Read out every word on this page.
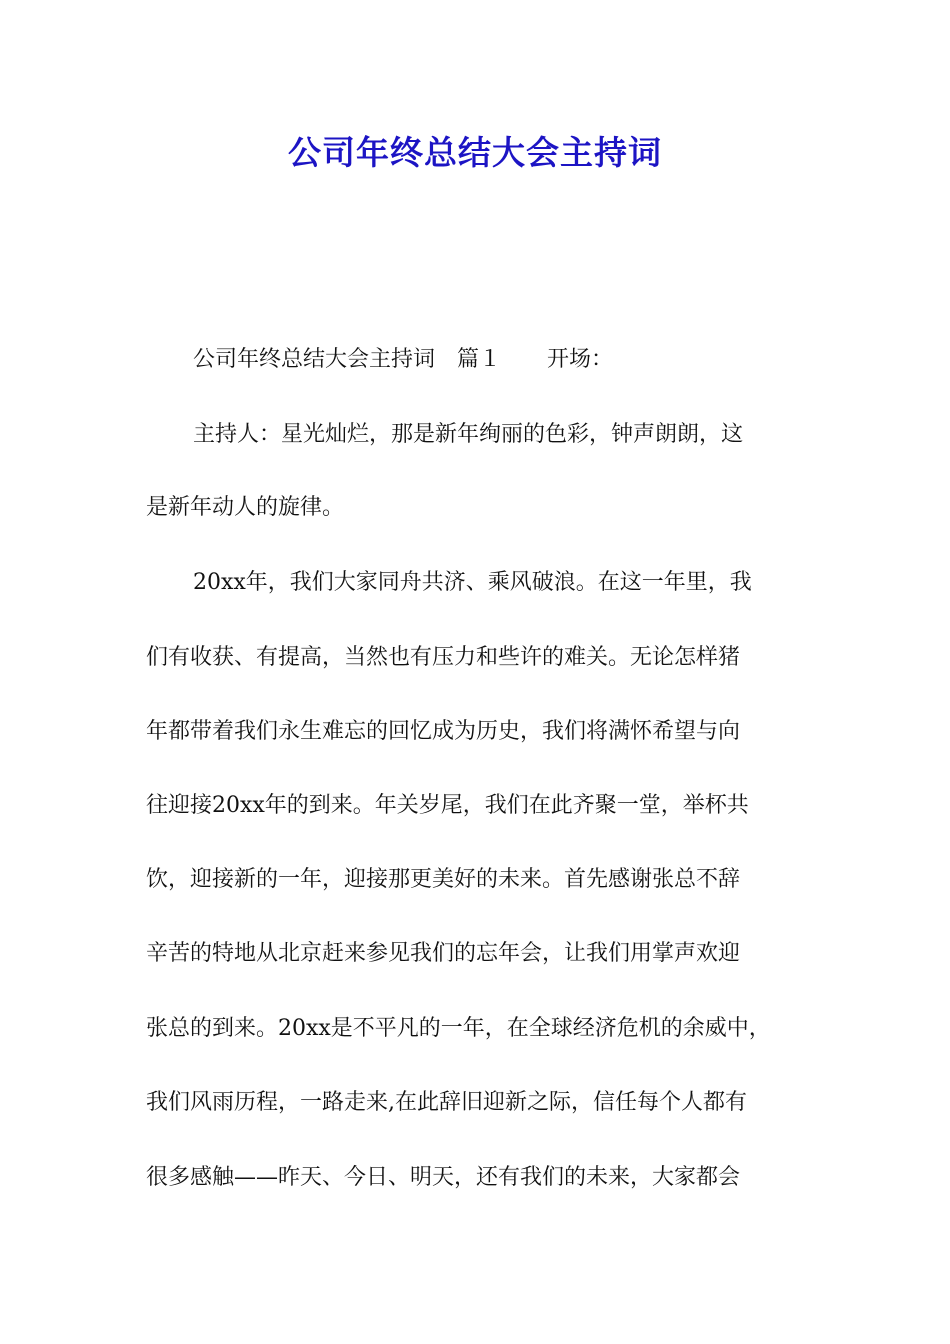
公司年终总结大会主持词

公司年终总结大会主持词 篇１ 开场：

主持人：星光灿烂，那是新年绚丽的色彩，钟声朗朗，这

是新年动人的旋律。

20xx年，我们大家同舟共济、乘风破浪。在这一年里，我

们有收获、有提高，当然也有压力和些许的难关。无论怎样猪

年都带着我们永生难忘的回忆成为历史，我们将满怀希望与向

往迎接20xx年的到来。年关岁尾，我们在此齐聚一堂，举杯共

饮，迎接新的一年，迎接那更美好的未来。首先感谢张总不辞

辛苦的特地从北京赶来参见我们的忘年会，让我们用掌声欢迎

张总的到来。20xx是不平凡的一年，在全球经济危机的余威中，

我们风雨历程，一路走来,在此辞旧迎新之际，信任每个人都有

很多感触——昨天、今日、明天，还有我们的未来，大家都会
